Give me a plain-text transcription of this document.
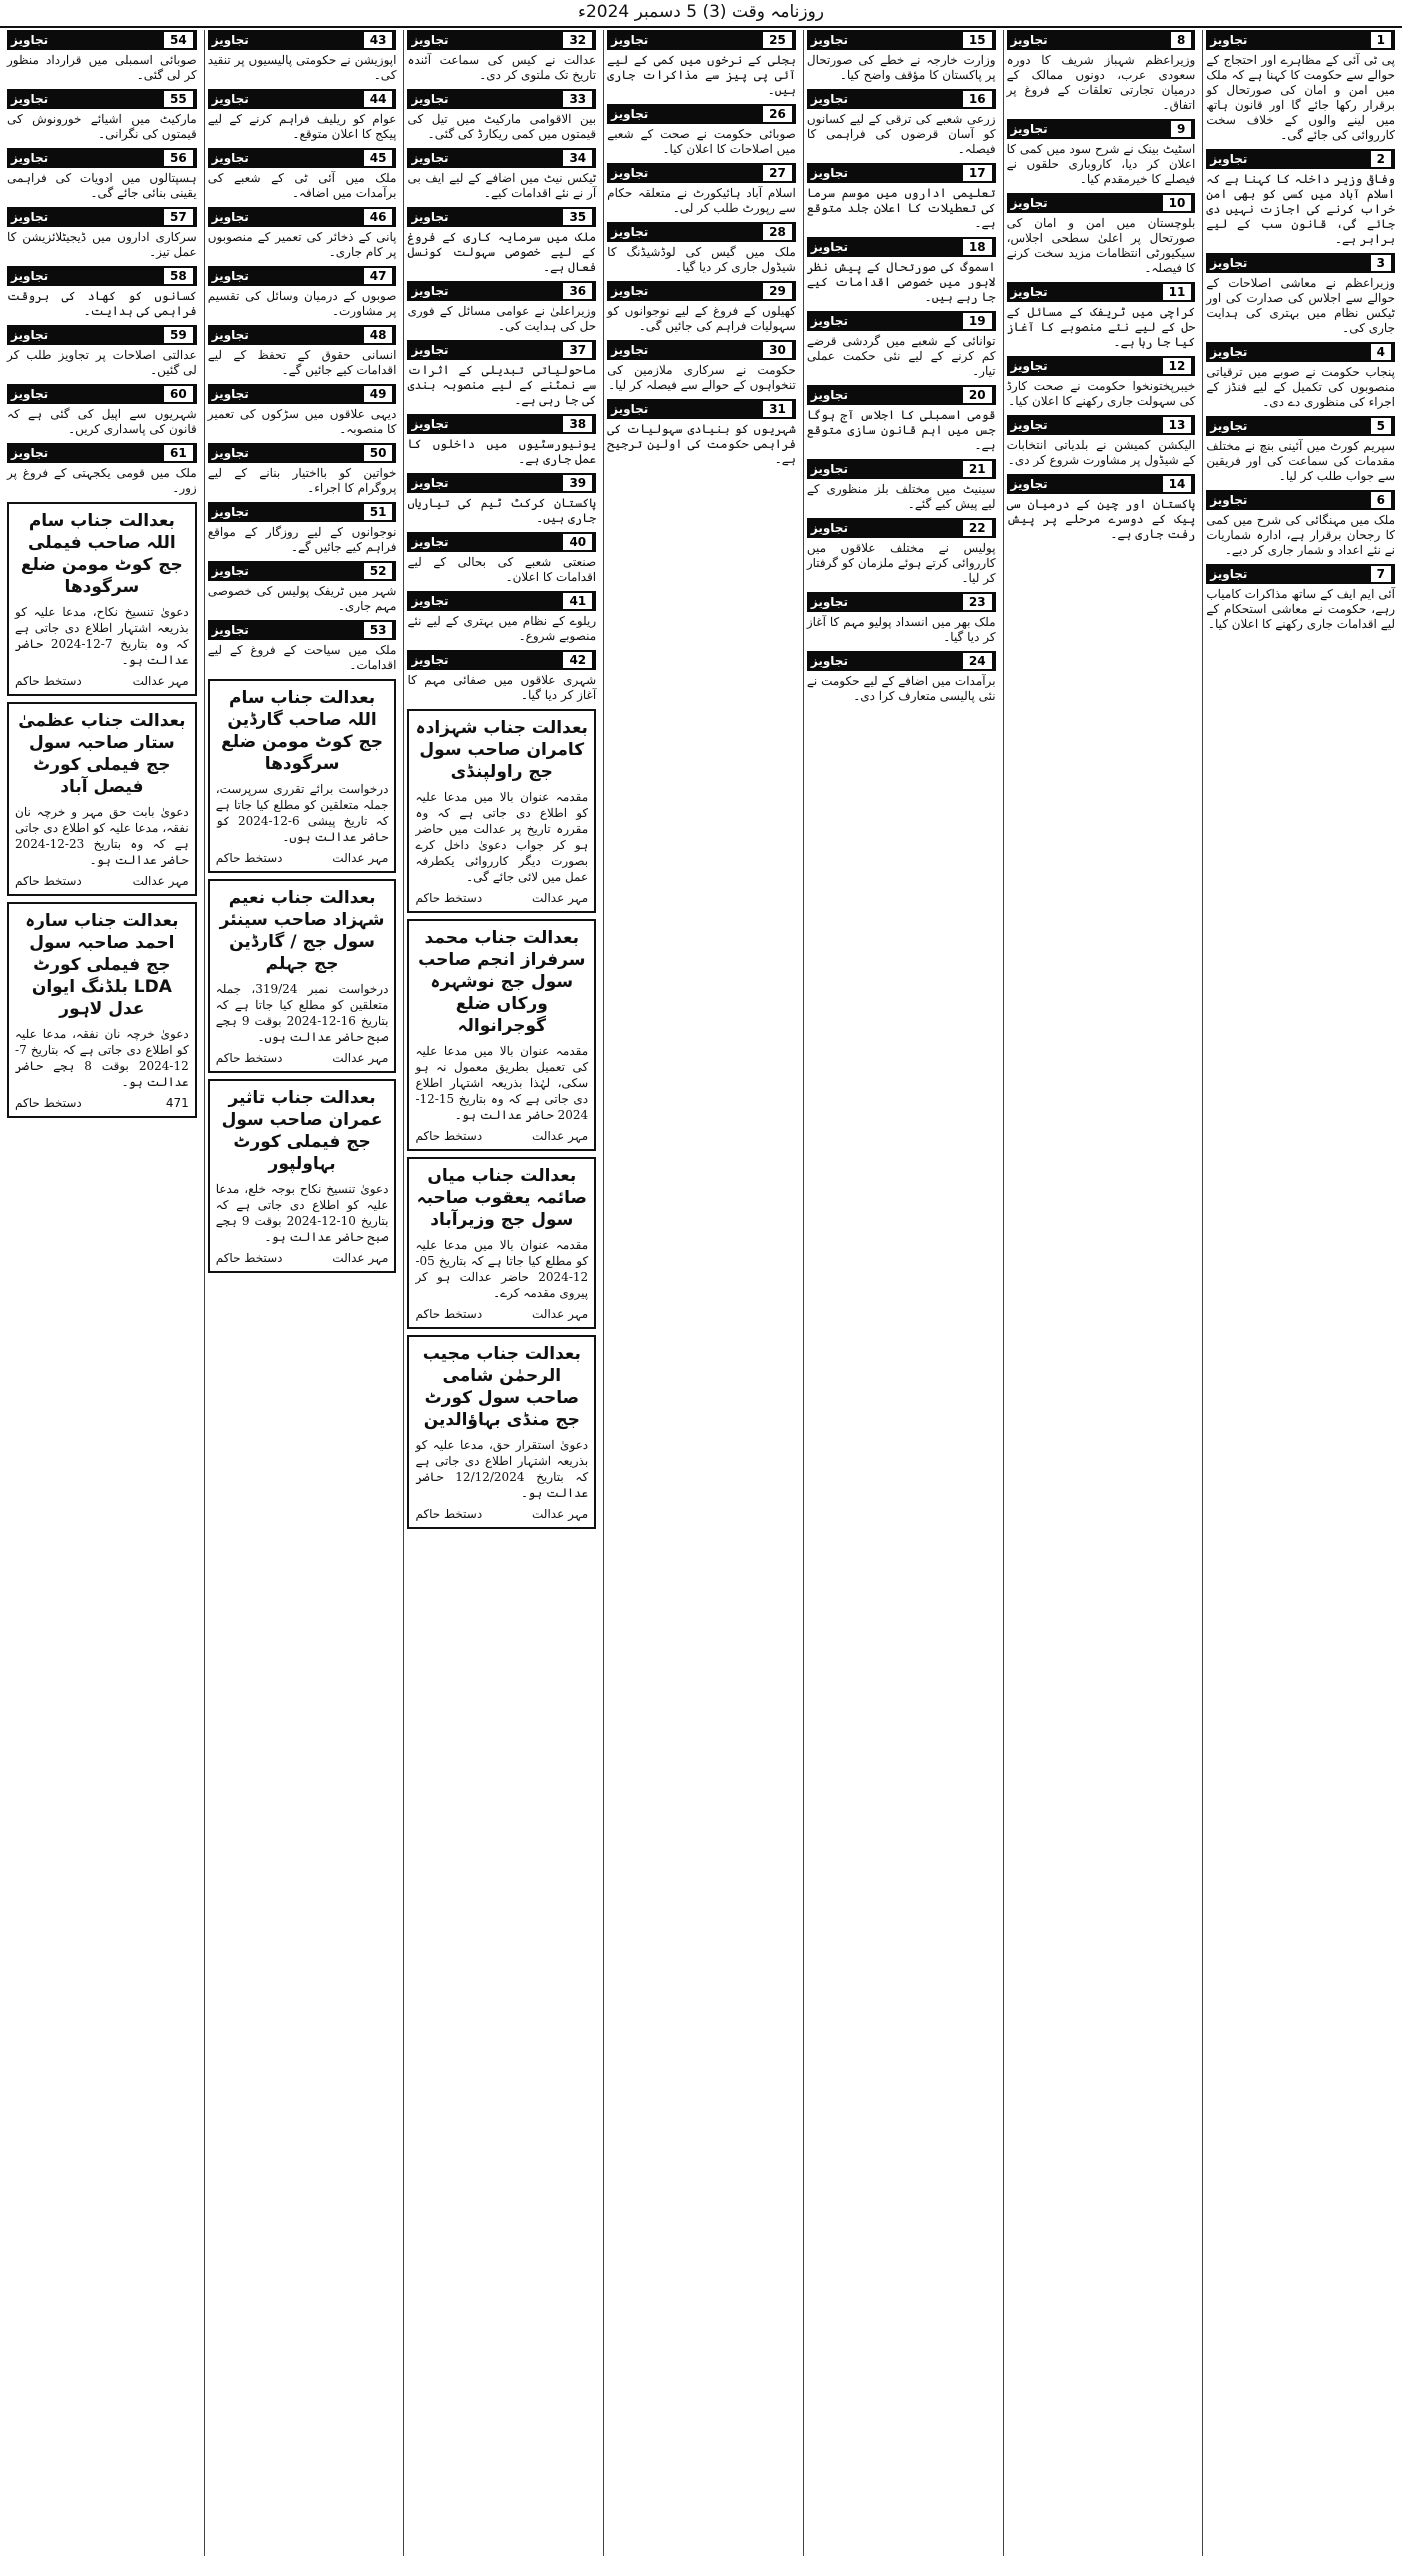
روزنامہ وقت (3) 5 دسمبر 2024ء
1
تجاویز
پی ٹی آئی کے مظاہرے اور احتجاج کے حوالے سے حکومت کا کہنا ہے کہ ملک میں امن و امان کی صورتحال کو برقرار رکھا جائے گا اور قانون ہاتھ میں لینے والوں کے خلاف سخت کارروائی کی جائے گی۔
2
تجاویز
وفاقی وزیر داخلہ کا کہنا ہے کہ اسلام آباد میں کسی کو بھی امن خراب کرنے کی اجازت نہیں دی جائے گی، قانون سب کے لیے برابر ہے۔
3
تجاویز
وزیراعظم نے معاشی اصلاحات کے حوالے سے اجلاس کی صدارت کی اور ٹیکس نظام میں بہتری کی ہدایت جاری کی۔
4
تجاویز
پنجاب حکومت نے صوبے میں ترقیاتی منصوبوں کی تکمیل کے لیے فنڈز کے اجراء کی منظوری دے دی۔
5
تجاویز
سپریم کورٹ میں آئینی بنچ نے مختلف مقدمات کی سماعت کی اور فریقین سے جواب طلب کر لیا۔
6
تجاویز
ملک میں مہنگائی کی شرح میں کمی کا رجحان برقرار ہے، ادارہ شماریات نے نئے اعداد و شمار جاری کر دیے۔
7
تجاویز
آئی ایم ایف کے ساتھ مذاکرات کامیاب رہے، حکومت نے معاشی استحکام کے لیے اقدامات جاری رکھنے کا اعلان کیا۔
8
تجاویز
وزیراعظم شہباز شریف کا دورہ سعودی عرب، دونوں ممالک کے درمیان تجارتی تعلقات کے فروغ پر اتفاق۔
9
تجاویز
اسٹیٹ بینک نے شرح سود میں کمی کا اعلان کر دیا، کاروباری حلقوں نے فیصلے کا خیرمقدم کیا۔
10
تجاویز
بلوچستان میں امن و امان کی صورتحال پر اعلیٰ سطحی اجلاس، سیکیورٹی انتظامات مزید سخت کرنے کا فیصلہ۔
11
تجاویز
کراچی میں ٹریفک کے مسائل کے حل کے لیے نئے منصوبے کا آغاز کیا جا رہا ہے۔
12
تجاویز
خیبرپختونخوا حکومت نے صحت کارڈ کی سہولت جاری رکھنے کا اعلان کیا۔
13
تجاویز
الیکشن کمیشن نے بلدیاتی انتخابات کے شیڈول پر مشاورت شروع کر دی۔
14
تجاویز
پاکستان اور چین کے درمیان سی پیک کے دوسرے مرحلے پر پیش رفت جاری ہے۔
15
تجاویز
وزارت خارجہ نے خطے کی صورتحال پر پاکستان کا مؤقف واضح کیا۔
16
تجاویز
زرعی شعبے کی ترقی کے لیے کسانوں کو آسان قرضوں کی فراہمی کا فیصلہ۔
17
تجاویز
تعلیمی اداروں میں موسم سرما کی تعطیلات کا اعلان جلد متوقع ہے۔
18
تجاویز
اسموگ کی صورتحال کے پیش نظر لاہور میں خصوصی اقدامات کیے جا رہے ہیں۔
19
تجاویز
توانائی کے شعبے میں گردشی قرضے کم کرنے کے لیے نئی حکمت عملی تیار۔
20
تجاویز
قومی اسمبلی کا اجلاس آج ہوگا جس میں اہم قانون سازی متوقع ہے۔
21
تجاویز
سینیٹ میں مختلف بلز منظوری کے لیے پیش کیے گئے۔
22
تجاویز
پولیس نے مختلف علاقوں میں کارروائی کرتے ہوئے ملزمان کو گرفتار کر لیا۔
23
تجاویز
ملک بھر میں انسداد پولیو مہم کا آغاز کر دیا گیا۔
24
تجاویز
برآمدات میں اضافے کے لیے حکومت نے نئی پالیسی متعارف کرا دی۔
25
تجاویز
بجلی کے نرخوں میں کمی کے لیے آئی پی پیز سے مذاکرات جاری ہیں۔
26
تجاویز
صوبائی حکومت نے صحت کے شعبے میں اصلاحات کا اعلان کیا۔
27
تجاویز
اسلام آباد ہائیکورٹ نے متعلقہ حکام سے رپورٹ طلب کر لی۔
28
تجاویز
ملک میں گیس کی لوڈشیڈنگ کا شیڈول جاری کر دیا گیا۔
29
تجاویز
کھیلوں کے فروغ کے لیے نوجوانوں کو سہولیات فراہم کی جائیں گی۔
30
تجاویز
حکومت نے سرکاری ملازمین کی تنخواہوں کے حوالے سے فیصلہ کر لیا۔
31
تجاویز
شہریوں کو بنیادی سہولیات کی فراہمی حکومت کی اولین ترجیح ہے۔
32
تجاویز
عدالت نے کیس کی سماعت آئندہ تاریخ تک ملتوی کر دی۔
33
تجاویز
بین الاقوامی مارکیٹ میں تیل کی قیمتوں میں کمی ریکارڈ کی گئی۔
34
تجاویز
ٹیکس نیٹ میں اضافے کے لیے ایف بی آر نے نئے اقدامات کیے۔
35
تجاویز
ملک میں سرمایہ کاری کے فروغ کے لیے خصوصی سہولت کونسل فعال ہے۔
36
تجاویز
وزیراعلیٰ نے عوامی مسائل کے فوری حل کی ہدایت کی۔
37
تجاویز
ماحولیاتی تبدیلی کے اثرات سے نمٹنے کے لیے منصوبہ بندی کی جا رہی ہے۔
38
تجاویز
یونیورسٹیوں میں داخلوں کا عمل جاری ہے۔
39
تجاویز
پاکستان کرکٹ ٹیم کی تیاریاں جاری ہیں۔
40
تجاویز
صنعتی شعبے کی بحالی کے لیے اقدامات کا اعلان۔
41
تجاویز
ریلوے کے نظام میں بہتری کے لیے نئے منصوبے شروع۔
42
تجاویز
شہری علاقوں میں صفائی مہم کا آغاز کر دیا گیا۔
بعدالت جناب شہزادہ کامران صاحب سول جج راولپنڈی
مقدمہ عنوان بالا میں مدعا علیہ کو اطلاع دی جاتی ہے کہ وہ مقررہ تاریخ پر عدالت میں حاضر ہو کر جواب دعویٰ داخل کرے بصورت دیگر کارروائی یکطرفہ عمل میں لائی جائے گی۔
مہر عدالت
دستخط حاکم
بعدالت جناب محمد سرفراز انجم صاحب سول جج نوشہرہ ورکاں ضلع گوجرانوالہ
مقدمہ عنوان بالا میں مدعا علیہ کی تعمیل بطریق معمول نہ ہو سکی، لہٰذا بذریعہ اشتہار اطلاع دی جاتی ہے کہ وہ بتاریخ 15-12-2024 حاضر عدالت ہو۔
مہر عدالت
دستخط حاکم
بعدالت جناب میاں صائمہ یعقوب صاحبہ سول جج وزیرآباد
مقدمہ عنوان بالا میں مدعا علیہ کو مطلع کیا جاتا ہے کہ بتاریخ 05-12-2024 حاضر عدالت ہو کر پیروی مقدمہ کرے۔
مہر عدالت
دستخط حاکم
بعدالت جناب مجیب الرحمٰن شامی صاحب سول کورٹ جج منڈی بہاؤالدین
دعویٰ استقرار حق، مدعا علیہ کو بذریعہ اشتہار اطلاع دی جاتی ہے کہ بتاریخ 12/12/2024 حاضر عدالت ہو۔
مہر عدالت
دستخط حاکم
43
تجاویز
اپوزیشن نے حکومتی پالیسیوں پر تنقید کی۔
44
تجاویز
عوام کو ریلیف فراہم کرنے کے لیے پیکج کا اعلان متوقع۔
45
تجاویز
ملک میں آئی ٹی کے شعبے کی برآمدات میں اضافہ۔
46
تجاویز
پانی کے ذخائر کی تعمیر کے منصوبوں پر کام جاری۔
47
تجاویز
صوبوں کے درمیان وسائل کی تقسیم پر مشاورت۔
48
تجاویز
انسانی حقوق کے تحفظ کے لیے اقدامات کیے جائیں گے۔
49
تجاویز
دیہی علاقوں میں سڑکوں کی تعمیر کا منصوبہ۔
50
تجاویز
خواتین کو بااختیار بنانے کے لیے پروگرام کا اجراء۔
51
تجاویز
نوجوانوں کے لیے روزگار کے مواقع فراہم کیے جائیں گے۔
52
تجاویز
شہر میں ٹریفک پولیس کی خصوصی مہم جاری۔
53
تجاویز
ملک میں سیاحت کے فروغ کے لیے اقدامات۔
بعدالت جناب سام اللہ صاحب گارڈین جج کوٹ مومن ضلع سرگودھا
درخواست برائے تقرری سرپرست، جملہ متعلقین کو مطلع کیا جاتا ہے کہ تاریخ پیشی 6-12-2024 کو حاضر عدالت ہوں۔
مہر عدالت
دستخط حاکم
بعدالت جناب نعیم شہزاد صاحب سینئر سول جج / گارڈین جج جہلم
درخواست نمبر 319/24، جملہ متعلقین کو مطلع کیا جاتا ہے کہ بتاریخ 16-12-2024 بوقت 9 بجے صبح حاضر عدالت ہوں۔
مہر عدالت
دستخط حاکم
بعدالت جناب تاثیر عمران صاحب سول جج فیملی کورٹ بہاولپور
دعویٰ تنسیخ نکاح بوجہ خلع، مدعا علیہ کو اطلاع دی جاتی ہے کہ بتاریخ 10-12-2024 بوقت 9 بجے صبح حاضر عدالت ہو۔
مہر عدالت
دستخط حاکم
54
تجاویز
صوبائی اسمبلی میں قرارداد منظور کر لی گئی۔
55
تجاویز
مارکیٹ میں اشیائے خورونوش کی قیمتوں کی نگرانی۔
56
تجاویز
ہسپتالوں میں ادویات کی فراہمی یقینی بنائی جائے گی۔
57
تجاویز
سرکاری اداروں میں ڈیجیٹلائزیشن کا عمل تیز۔
58
تجاویز
کسانوں کو کھاد کی بروقت فراہمی کی ہدایت۔
59
تجاویز
عدالتی اصلاحات پر تجاویز طلب کر لی گئیں۔
60
تجاویز
شہریوں سے اپیل کی گئی ہے کہ قانون کی پاسداری کریں۔
61
تجاویز
ملک میں قومی یکجہتی کے فروغ پر زور۔
بعدالت جناب سام اللہ صاحب فیملی جج کوٹ مومن ضلع سرگودھا
دعویٰ تنسیخ نکاح، مدعا علیہ کو بذریعہ اشتہار اطلاع دی جاتی ہے کہ وہ بتاریخ 7-12-2024 حاضر عدالت ہو۔
مہر عدالت
دستخط حاکم
بعدالت جناب عظمیٰ ستار صاحبہ سول جج فیملی کورٹ فیصل آباد
دعویٰ بابت حق مہر و خرچہ نان نفقہ، مدعا علیہ کو اطلاع دی جاتی ہے کہ وہ بتاریخ 23-12-2024 حاضر عدالت ہو۔
مہر عدالت
دستخط حاکم
بعدالت جناب سارہ احمد صاحبہ سول جج فیملی کورٹ LDA بلڈنگ ایوان عدل لاہور
دعویٰ خرچہ نان نفقہ، مدعا علیہ کو اطلاع دی جاتی ہے کہ بتاریخ 7-12-2024 بوقت 8 بجے حاضر عدالت ہو۔
471
دستخط حاکم
